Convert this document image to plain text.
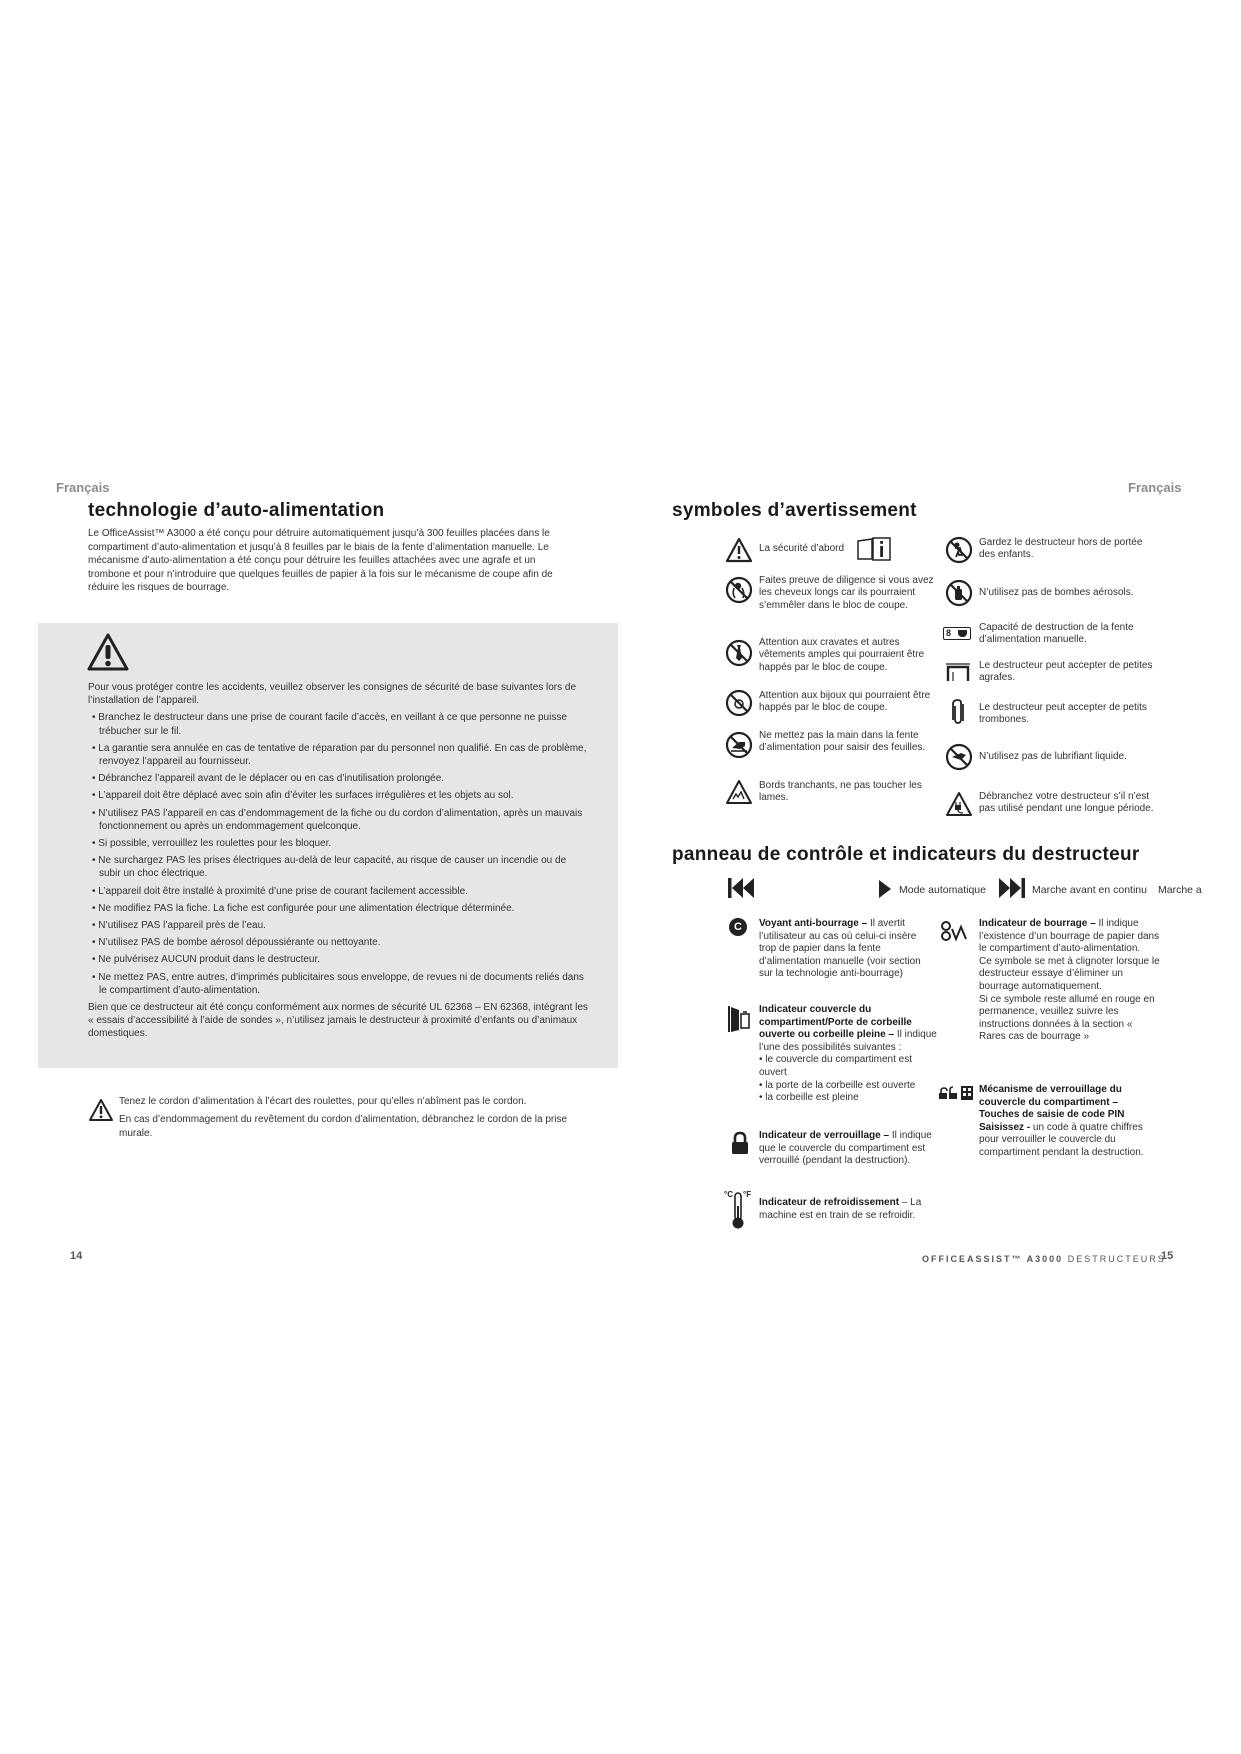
Français
technologie d’auto-alimentation
Le OfficeAssist™ A3000 a été conçu pour détruire automatiquement jusqu’à 300 feuilles placées dans le compartiment d’auto-alimentation et jusqu’à 8 feuilles par le biais de la fente d’alimentation manuelle. Le mécanisme d’auto-alimentation a été conçu pour détruire les feuilles attachées avec une agrafe et un trombone et pour n’introduire que quelques feuilles de papier à la fois sur le mécanisme de coupe afin de réduire les risques de bourrage.

Pour vous protéger contre les accidents, veuillez observer les consignes de sécurité de base suivantes lors de l’installation de l’appareil.

• Branchez le destructeur dans une prise de courant facile d’accès, en veillant à ce que personne ne puisse trébucher sur le fil.

• La garantie sera annulée en cas de tentative de réparation par du personnel non qualifié. En cas de problème, renvoyez l’appareil au fournisseur.

• Débranchez l’appareil avant de le déplacer ou en cas d’inutilisation prolongée.

• L’appareil doit être déplacé avec soin afin d’éviter les surfaces irrégulières et les objets au sol.

• N’utilisez PAS l’appareil en cas d’endommagement de la fiche ou du cordon d’alimentation, après un mauvais fonctionnement ou après un endommagement quelconque.

• Si possible, verrouillez les roulettes pour les bloquer.

• Ne surchargez PAS les prises électriques au-delà de leur capacité, au risque de causer un incendie ou de subir un choc électrique.

• L’appareil doit être installé à proximité d’une prise de courant facilement accessible.

• Ne modifiez PAS la fiche. La fiche est configurée pour une alimentation électrique déterminée.

• N’utilisez PAS l’appareil près de l’eau.

• N’utilisez PAS de bombe aérosol dépoussiérante ou nettoyante.

• Ne pulvérisez AUCUN produit dans le destructeur.

• Ne mettez PAS, entre autres, d’imprimés publicitaires sous enveloppe, de revues ni de documents reliés dans le compartiment d’auto-alimentation.

Bien que ce destructeur ait été conçu conformément aux normes de sécurité UL 62368 – EN 62368, intégrant les « essais d’accessibilité à l’aide de sondes », n’utilisez jamais le destructeur à proximité d’enfants ou d’animaux domestiques.

Tenez le cordon d’alimentation à l’écart des roulettes, pour qu’elles n’abîment pas le cordon.
En cas d’endommagement du revêtement du cordon d’alimentation, débranchez le cordon de la prise murale.
14
Français
symboles d’avertissement
La sécurité d’abord
Faites preuve de diligence si vous avez les cheveux longs car ils pourraient s’emmêler dans le bloc de coupe.
Attention aux cravates et autres vêtements amples qui pourraient être happés par le bloc de coupe.
Attention aux bijoux qui pourraient être happés par le bloc de coupe.
Ne mettez pas la main dans la fente d’alimentation pour saisir des feuilles.
Bords tranchants, ne pas toucher les lames.
Gardez le destructeur hors de portée des enfants.
N’utilisez pas de bombes aérosols.
8	Capacité de destruction de la fente d’alimentation manuelle.
Le destructeur peut accepter de petites agrafes.
Le destructeur peut accepter de petits trombones.
N’utilisez pas de lubrifiant liquide.
Débranchez votre destructeur s’il n’est pas utilisé pendant une longue période.
panneau de contrôle et indicateurs du destructeur
Mode automatique	Marche avant en continu Marche a
C	Voyant anti-bourrage – Il avertit l’utilisateur au cas où celui-ci insère trop de papier dans la fente d’alimentation manuelle (voir section sur la technologie anti-bourrage)
Indicateur couvercle du compartiment/Porte de corbeille ouverte ou corbeille pleine – Il indique l’une des possibilités suivantes :
• le couvercle du compartiment est ouvert
• la porte de la corbeille est ouverte
• la corbeille est pleine
Indicateur de verrouillage – Il indique que le couvercle du compartiment est verrouillé (pendant la destruction).
°C °F
Indicateur de refroidissement – La machine est en train de se refroidir.
Indicateur de bourrage – Il indique l’existence d’un bourrage de papier dans le compartiment d’auto-alimentation.
Ce symbole se met à clignoter lorsque le destructeur essaye d’éliminer un bourrage automatiquement.
Si ce symbole reste allumé en rouge en permanence, veuillez suivre les instructions données à la section « Rares cas de bourrage »
Mécanisme de verrouillage du couvercle du compartiment – Touches de saisie de code PIN Saisissez - un code à quatre chiffres pour verrouiller le couvercle du compartiment pendant la destruction.
OFFICEASSIST™ A3000 DESTRUCTEURS
15
